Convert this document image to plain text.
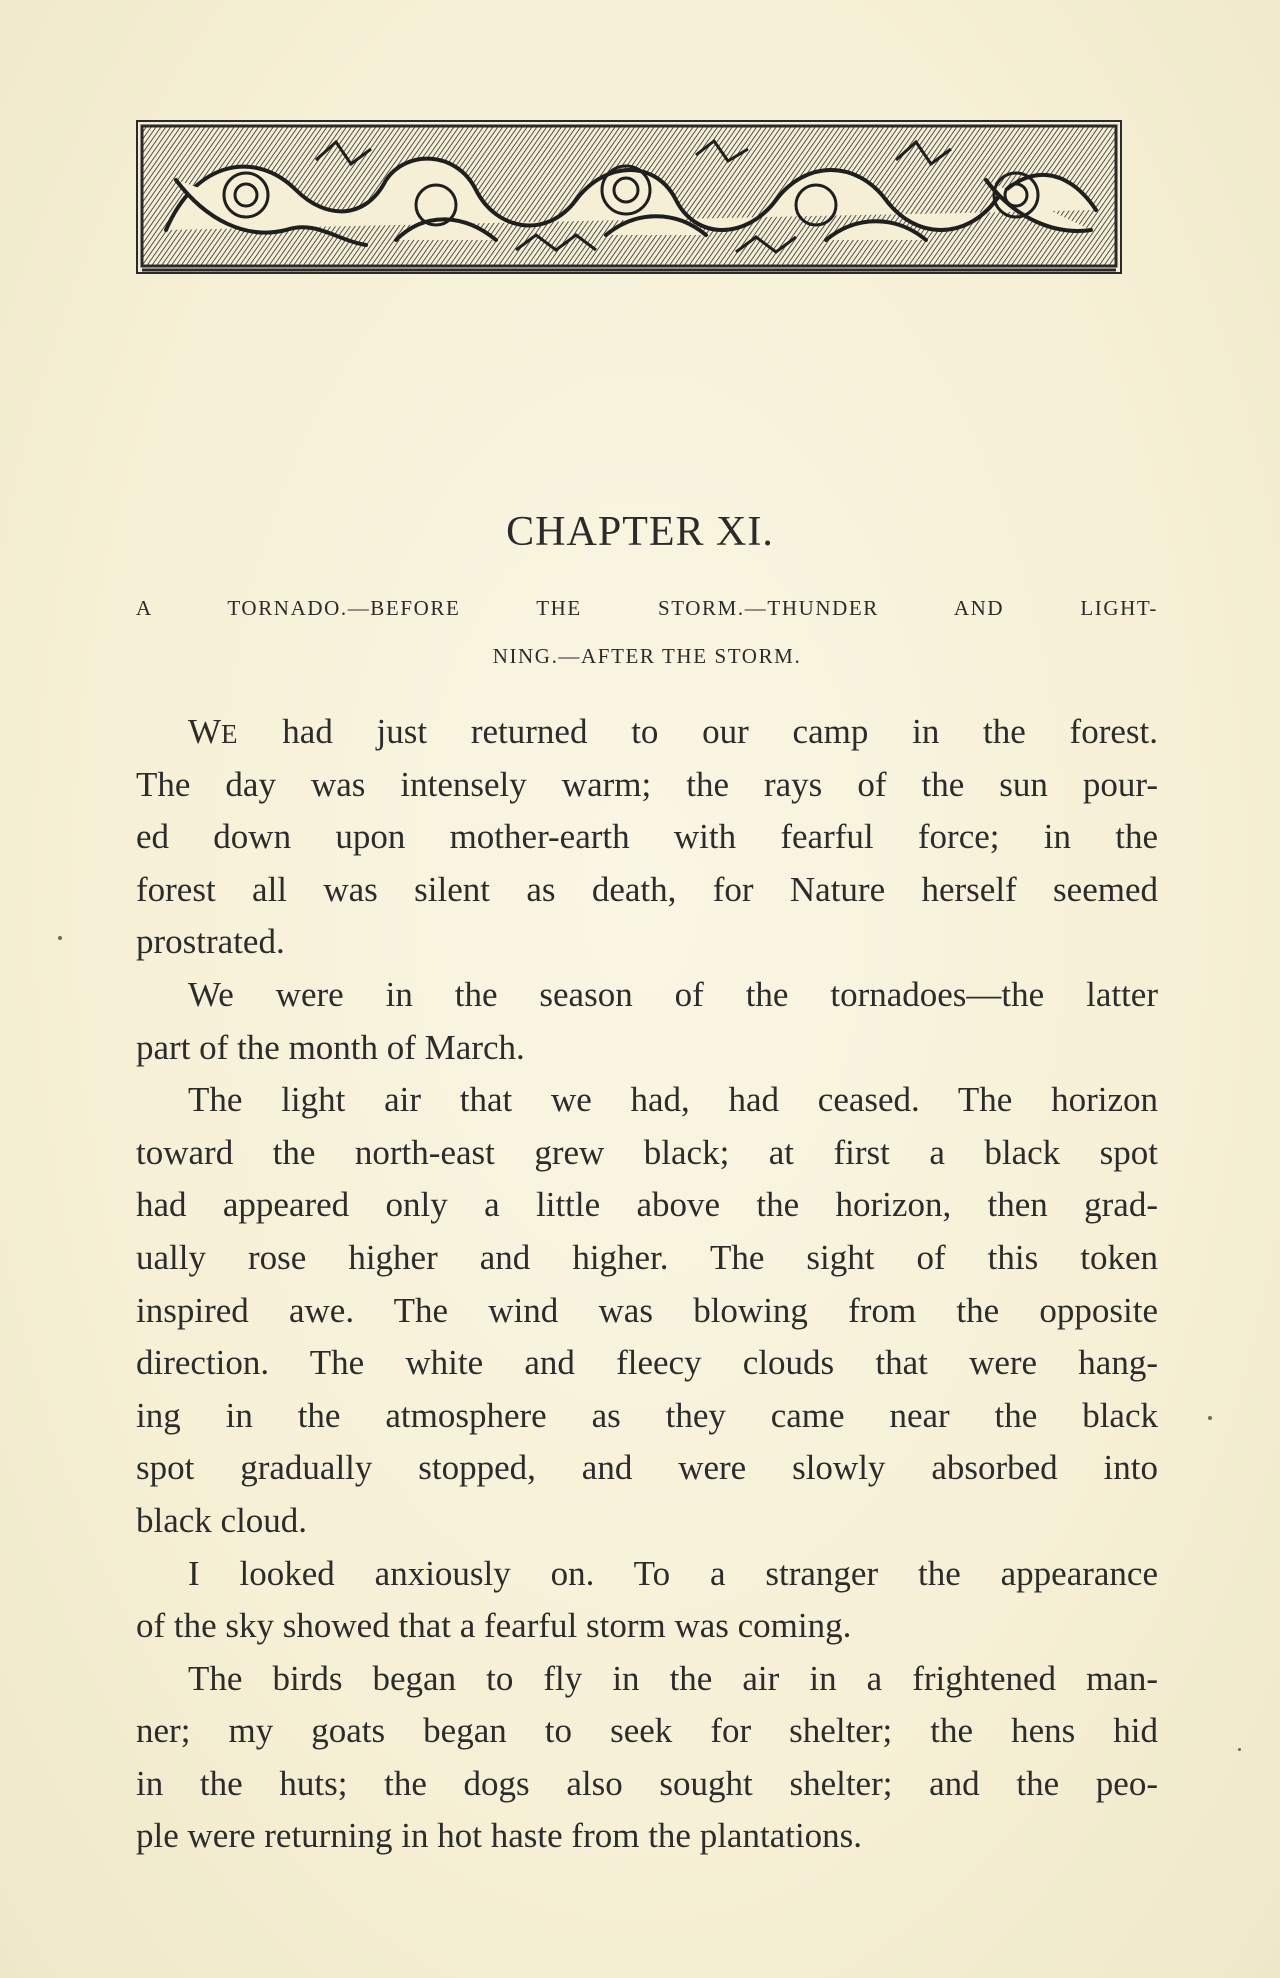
CHAPTER XI.
A TORNADO.—BEFORE THE STORM.—THUNDER AND LIGHT-
NING.—AFTER THE STORM.
WE had just returned to our camp in the forest.
The day was intensely warm; the rays of the sun pour-
ed down upon mother-earth with fearful force; in the
forest all was silent as death, for Nature herself seemed
prostrated.
We were in the season of the tornadoes—the latter
part of the month of March.
The light air that we had, had ceased. The horizon
toward the north-east grew black; at first a black spot
had appeared only a little above the horizon, then grad-
ually rose higher and higher. The sight of this token
inspired awe. The wind was blowing from the opposite
direction. The white and fleecy clouds that were hang-
ing in the atmosphere as they came near the black
spot gradually stopped, and were slowly absorbed into
black cloud.
I looked anxiously on. To a stranger the appearance
of the sky showed that a fearful storm was coming.
The birds began to fly in the air in a frightened man-
ner; my goats began to seek for shelter; the hens hid
in the huts; the dogs also sought shelter; and the peo-
ple were returning in hot haste from the plantations.
